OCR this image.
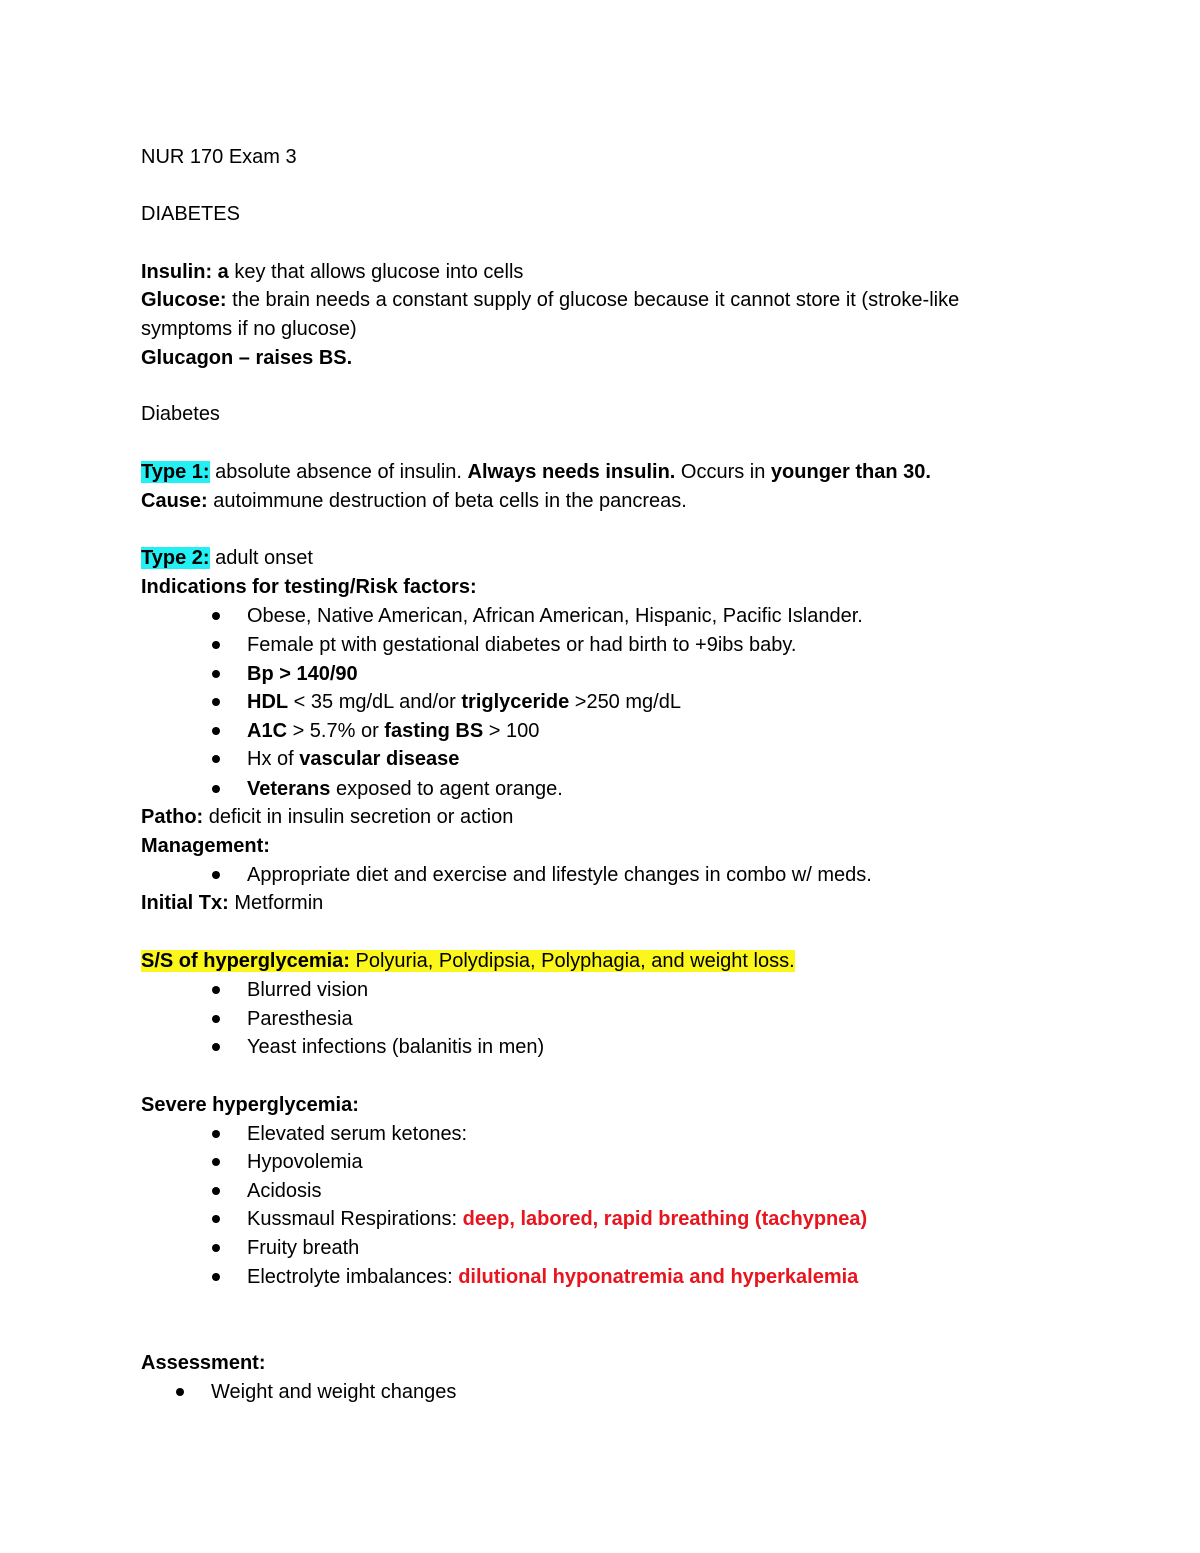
NUR 170 Exam 3
DIABETES
Insulin: a key that allows glucose into cells
Glucose: the brain needs a constant supply of glucose because it cannot store it (stroke-like
symptoms if no glucose)
Glucagon – raises BS.
Diabetes
Type 1: absolute absence of insulin. Always needs insulin. Occurs in younger than 30.
Cause: autoimmune destruction of beta cells in the pancreas.
Type 2: adult onset
Indications for testing/Risk factors:
Obese, Native American, African American, Hispanic, Pacific Islander.
Female pt with gestational diabetes or had birth to +9ibs baby.
Bp > 140/90
HDL < 35 mg/dL and/or triglyceride >250 mg/dL
A1C > 5.7% or fasting BS > 100
Hx of vascular disease
Veterans exposed to agent orange.
Patho: deficit in insulin secretion or action
Management:
Appropriate diet and exercise and lifestyle changes in combo w/ meds.
Initial Tx: Metformin
S/S of hyperglycemia: Polyuria, Polydipsia, Polyphagia, and weight loss.
Blurred vision
Paresthesia
Yeast infections (balanitis in men)
Severe hyperglycemia:
Elevated serum ketones:
Hypovolemia
Acidosis
Kussmaul Respirations: deep, labored, rapid breathing (tachypnea)
Fruity breath
Electrolyte imbalances: dilutional hyponatremia and hyperkalemia
Assessment:
Weight and weight changes
